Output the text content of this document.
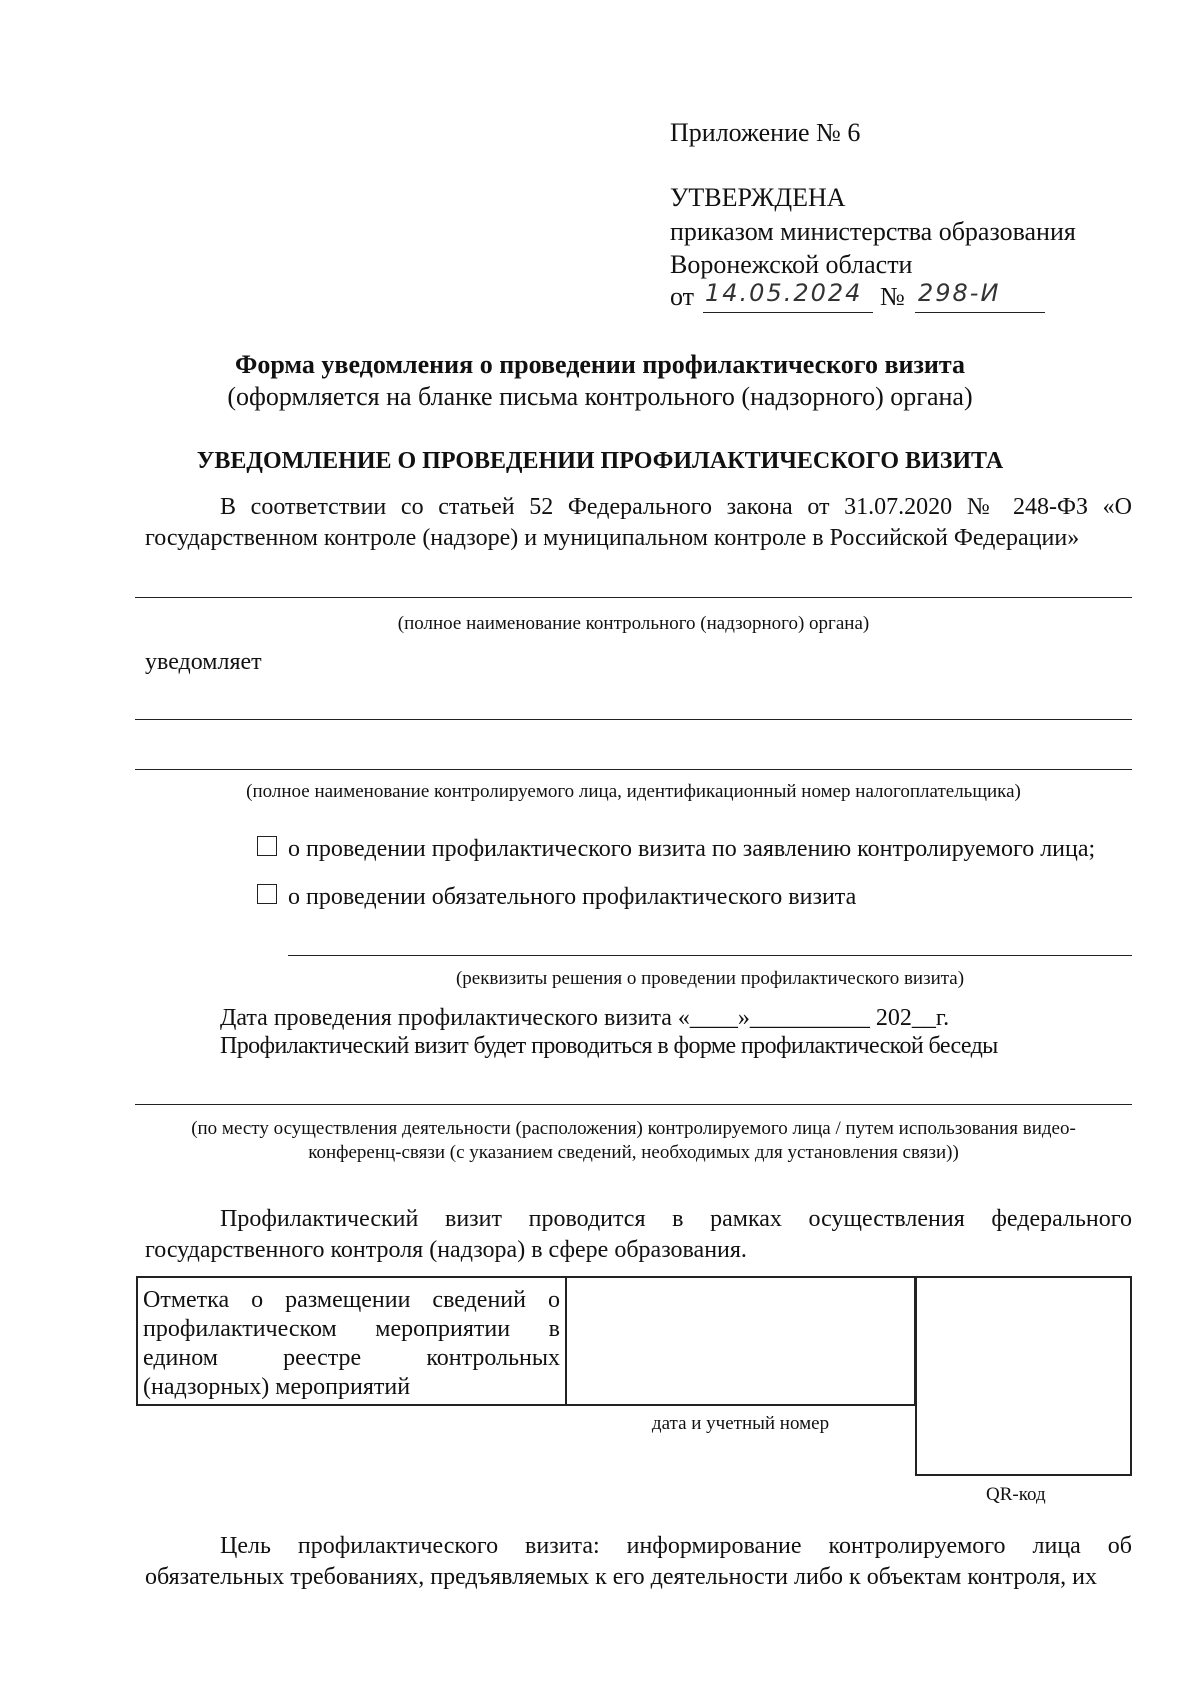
Приложение № 6
УТВЕРЖДЕНА
приказом министерства образования
Воронежской области
от 14.05.2024 № 298-И
Форма уведомления о проведении профилактического визита
(оформляется на бланке письма контрольного (надзорного) органа)
УВЕДОМЛЕНИЕ О ПРОВЕДЕНИИ ПРОФИЛАКТИЧЕСКОГО ВИЗИТА
В соответствии со статьей 52 Федерального закона от 31.07.2020 № 248-ФЗ «О
государственном контроле (надзоре) и муниципальном контроле в Российской Федерации»
(полное наименование контрольного (надзорного) органа)
уведомляет
(полное наименование контролируемого лица, идентификационный номер налогоплательщика)
о проведении профилактического визита по заявлению контролируемого лица;
о проведении обязательного профилактического визита
(реквизиты решения о проведении профилактического визита)
Дата проведения профилактического визита «____»__________ 202__г.
Профилактический визит будет проводиться в форме профилактической беседы
(по месту осуществления деятельности (расположения) контролируемого лица / путем использования видео-
конференц-связи (с указанием сведений, необходимых для установления связи))
Профилактический визит проводится в рамках осуществления федерального
государственного контроля (надзора) в сфере образования.
Отметка о размещении сведений о
профилактическом мероприятии в
едином реестре контрольных
(надзорных) мероприятий
дата и учетный номер
QR-код
Цель профилактического визита: информирование контролируемого лица об
обязательных требованиях, предъявляемых к его деятельности либо к объектам контроля, их
